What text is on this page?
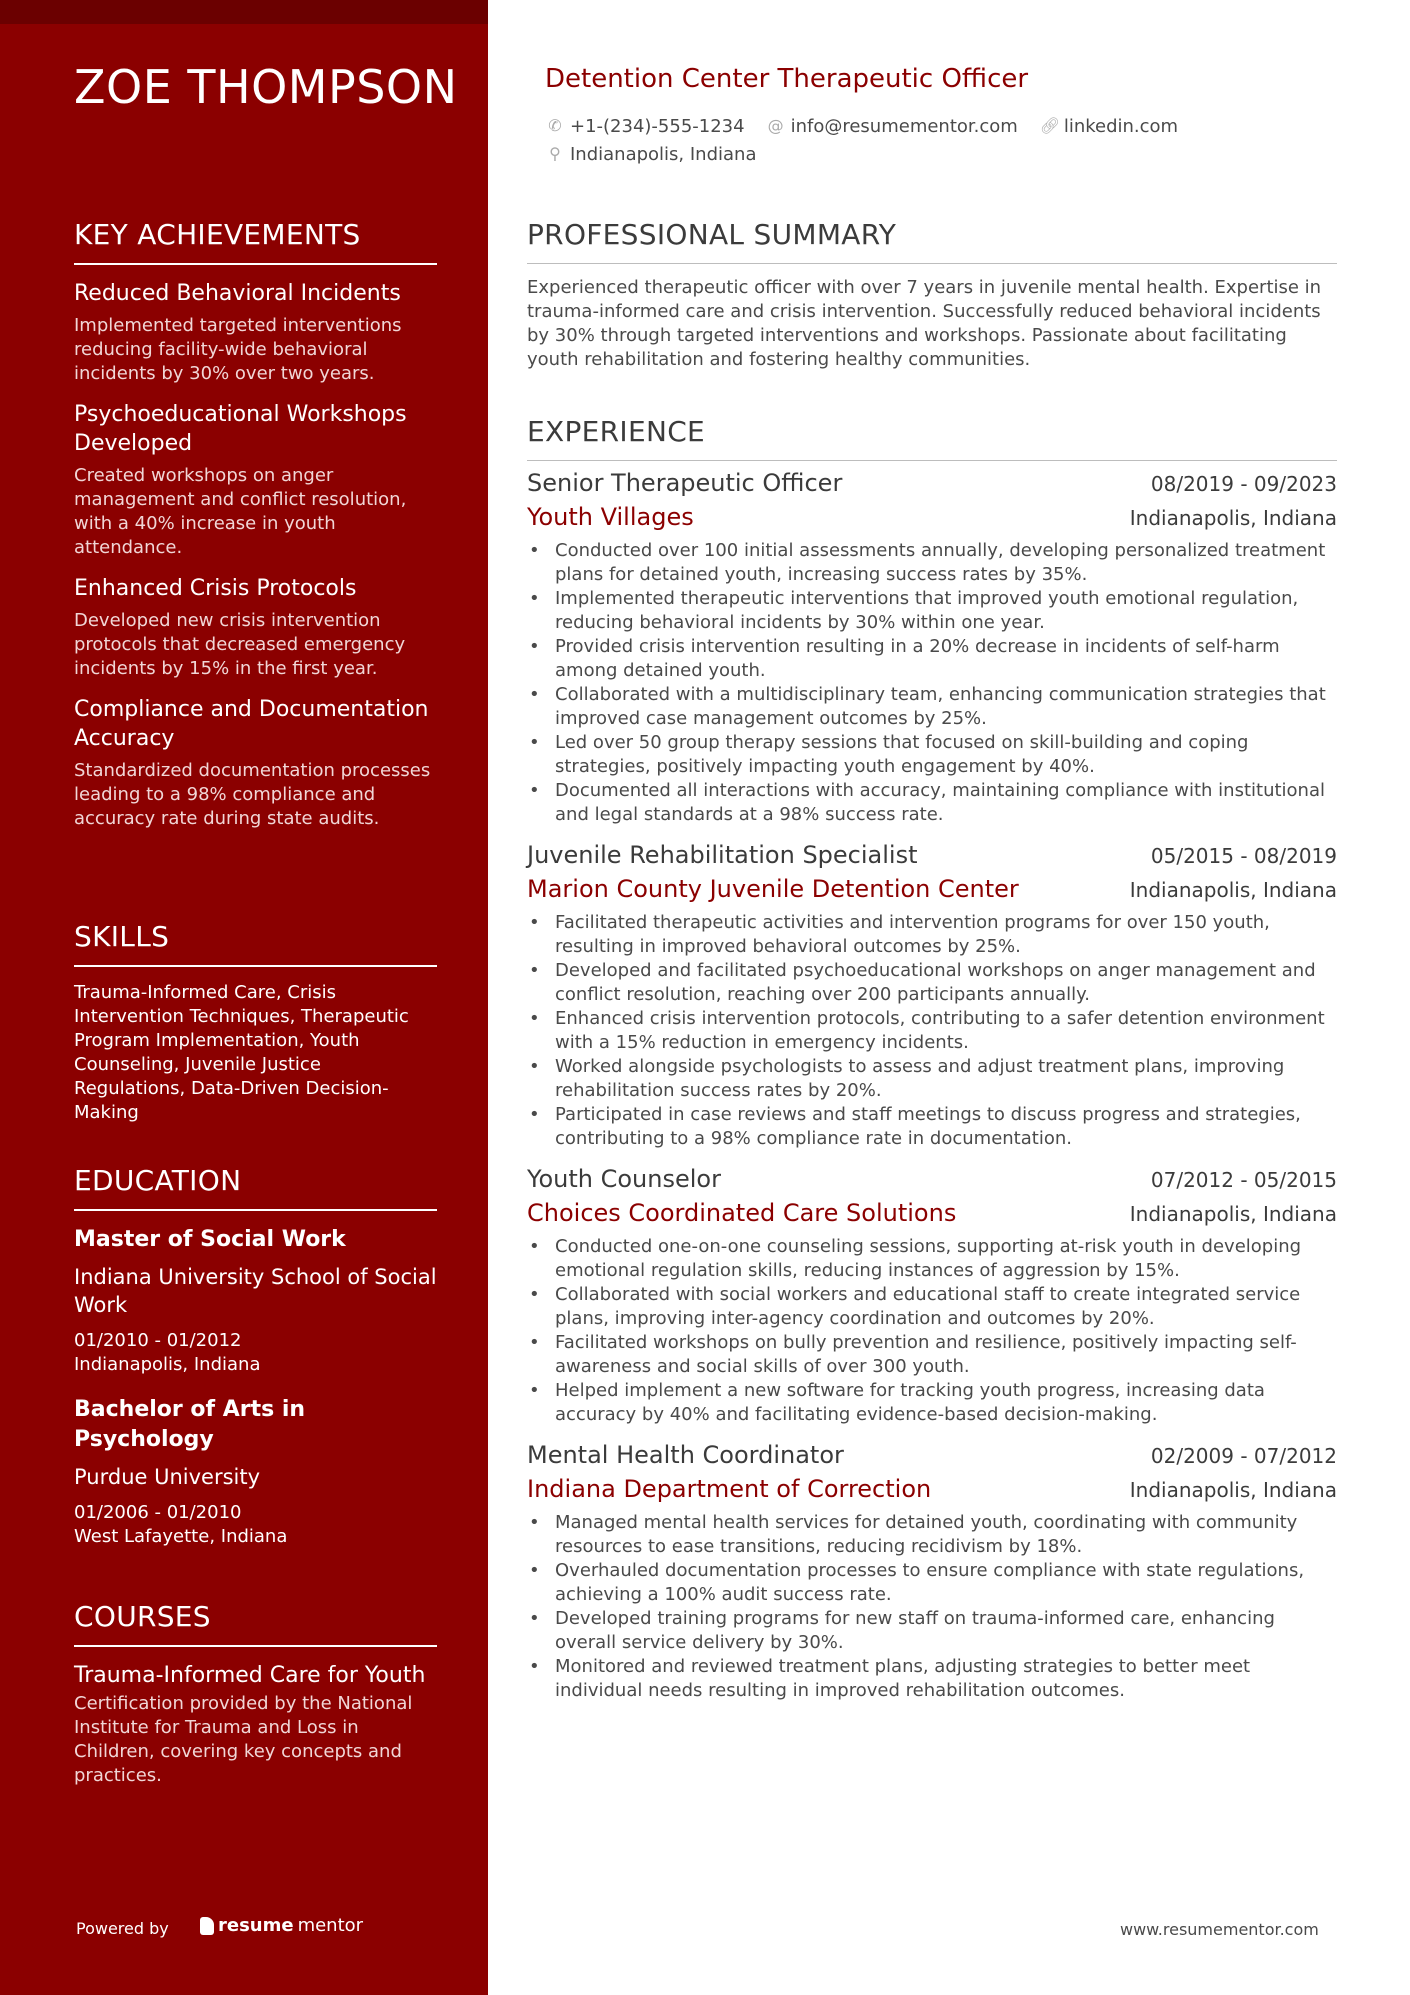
ZOE THOMPSON
KEY ACHIEVEMENTS
Reduced Behavioral Incidents
Implemented targeted interventions reducing facility-wide behavioral incidents by 30% over two years.
Psychoeducational Workshops Developed
Created workshops on anger management and conflict resolution, with a 40% increase in youth attendance.
Enhanced Crisis Protocols
Developed new crisis intervention protocols that decreased emergency incidents by 15% in the first year.
Compliance and Documentation Accuracy
Standardized documentation processes leading to a 98% compliance and accuracy rate during state audits.
SKILLS
Trauma-Informed Care, Crisis Intervention Techniques, Therapeutic Program Implementation, Youth Counseling, Juvenile Justice Regulations, Data-Driven Decision-Making
EDUCATION
Master of Social Work
Indiana University School of Social Work
01/2010 - 01/2012
Indianapolis, Indiana
Bachelor of Arts in Psychology
Purdue University
01/2006 - 01/2010
West Lafayette, Indiana
COURSES
Trauma-Informed Care for Youth
Certification provided by the National Institute for Trauma and Loss in Children, covering key concepts and practices.
Powered by	resume mentor
Detention Center Therapeutic Officer
✆ +1-(234)-555-1234 @ info@resumementor.com 🔗︎ linkedin.com
⚲ Indianapolis, Indiana
PROFESSIONAL SUMMARY
Experienced therapeutic officer with over 7 years in juvenile mental health. Expertise in trauma-informed care and crisis intervention. Successfully reduced behavioral incidents by 30% through targeted interventions and workshops. Passionate about facilitating youth rehabilitation and fostering healthy communities.
EXPERIENCE
Senior Therapeutic Officer	08/2019 - 09/2023
Youth Villages	Indianapolis, Indiana
• Conducted over 100 initial assessments annually, developing personalized treatment plans for detained youth, increasing success rates by 35%.
• Implemented therapeutic interventions that improved youth emotional regulation, reducing behavioral incidents by 30% within one year.
• Provided crisis intervention resulting in a 20% decrease in incidents of self-harm among detained youth.
• Collaborated with a multidisciplinary team, enhancing communication strategies that improved case management outcomes by 25%.
• Led over 50 group therapy sessions that focused on skill-building and coping strategies, positively impacting youth engagement by 40%.
• Documented all interactions with accuracy, maintaining compliance with institutional and legal standards at a 98% success rate.
Juvenile Rehabilitation Specialist	05/2015 - 08/2019
Marion County Juvenile Detention Center	Indianapolis, Indiana
• Facilitated therapeutic activities and intervention programs for over 150 youth, resulting in improved behavioral outcomes by 25%.
• Developed and facilitated psychoeducational workshops on anger management and conflict resolution, reaching over 200 participants annually.
• Enhanced crisis intervention protocols, contributing to a safer detention environment with a 15% reduction in emergency incidents.
• Worked alongside psychologists to assess and adjust treatment plans, improving rehabilitation success rates by 20%.
• Participated in case reviews and staff meetings to discuss progress and strategies, contributing to a 98% compliance rate in documentation.
Youth Counselor	07/2012 - 05/2015
Choices Coordinated Care Solutions	Indianapolis, Indiana
• Conducted one-on-one counseling sessions, supporting at-risk youth in developing emotional regulation skills, reducing instances of aggression by 15%.
• Collaborated with social workers and educational staff to create integrated service plans, improving inter-agency coordination and outcomes by 20%.
• Facilitated workshops on bully prevention and resilience, positively impacting self-awareness and social skills of over 300 youth.
• Helped implement a new software for tracking youth progress, increasing data accuracy by 40% and facilitating evidence-based decision-making.
Mental Health Coordinator	02/2009 - 07/2012
Indiana Department of Correction	Indianapolis, Indiana
• Managed mental health services for detained youth, coordinating with community resources to ease transitions, reducing recidivism by 18%.
• Overhauled documentation processes to ensure compliance with state regulations, achieving a 100% audit success rate.
• Developed training programs for new staff on trauma-informed care, enhancing overall service delivery by 30%.
• Monitored and reviewed treatment plans, adjusting strategies to better meet individual needs resulting in improved rehabilitation outcomes.
www.resumementor.com
